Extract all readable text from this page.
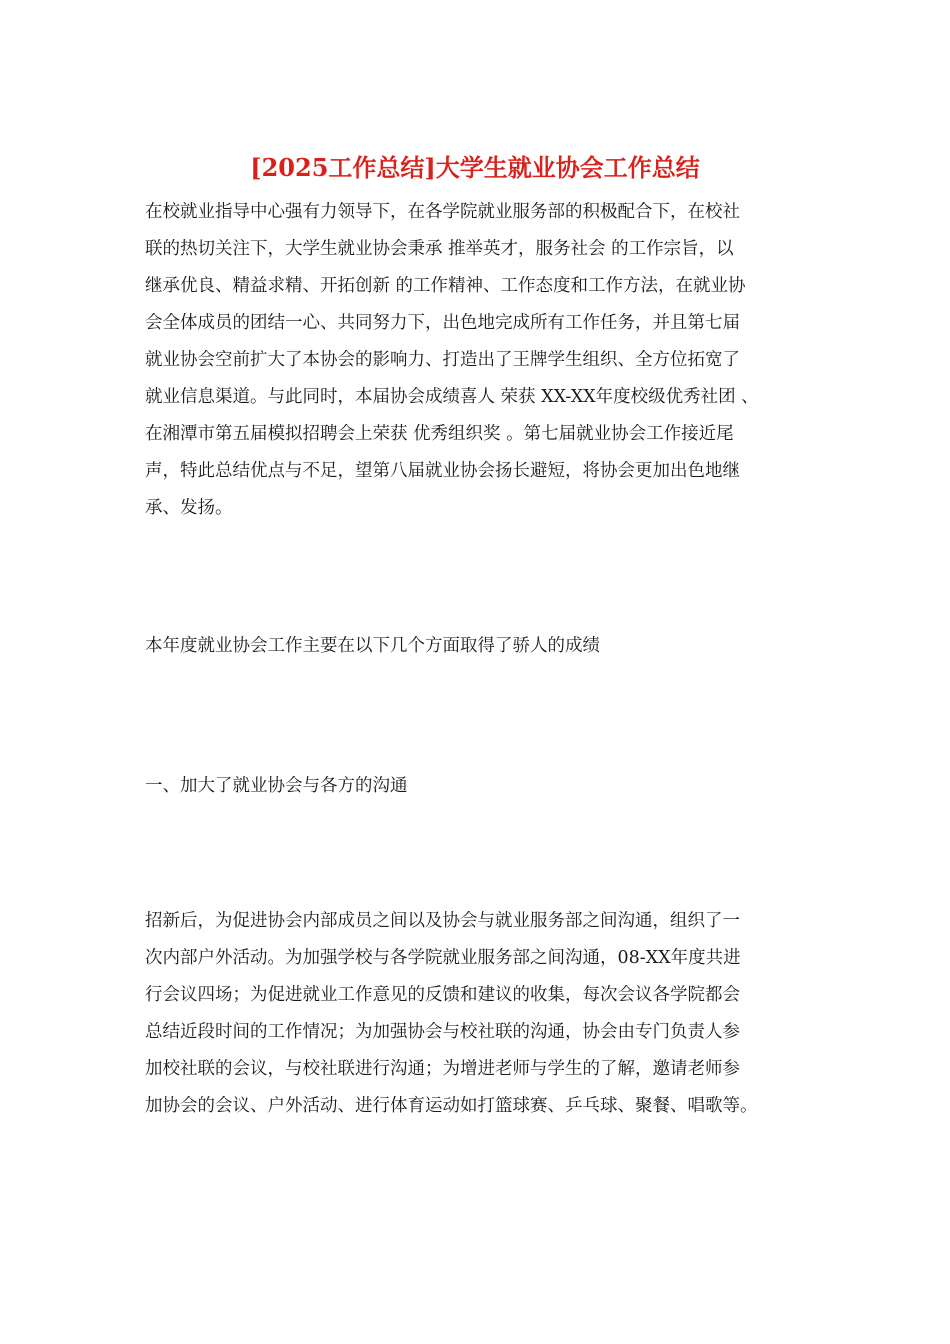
[2025工作总结]大学生就业协会工作总结

在校就业指导中心强有力领导下，在各学院就业服务部的积极配合下，在校社
联的热切关注下，大学生就业协会秉承 推举英才，服务社会 的工作宗旨，以
继承优良、精益求精、开拓创新 的工作精神、工作态度和工作方法，在就业协
会全体成员的团结一心、共同努力下，出色地完成所有工作任务，并且第七届
就业协会空前扩大了本协会的影响力、打造出了王牌学生组织、全方位拓宽了
就业信息渠道。与此同时，本届协会成绩喜人 荣获 XX-XX年度校级优秀社团 、
在湘潭市第五届模拟招聘会上荣获 优秀组织奖 。第七届就业协会工作接近尾
声，特此总结优点与不足，望第八届就业协会扬长避短，将协会更加出色地继
承、发扬。

本年度就业协会工作主要在以下几个方面取得了骄人的成绩

一、加大了就业协会与各方的沟通

招新后，为促进协会内部成员之间以及协会与就业服务部之间沟通，组织了一
次内部户外活动。为加强学校与各学院就业服务部之间沟通，08-XX年度共进
行会议四场；为促进就业工作意见的反馈和建议的收集，每次会议各学院都会
总结近段时间的工作情况；为加强协会与校社联的沟通，协会由专门负责人参
加校社联的会议，与校社联进行沟通；为增进老师与学生的了解，邀请老师参
加协会的会议、户外活动、进行体育运动如打篮球赛、乒乓球、聚餐、唱歌等。
